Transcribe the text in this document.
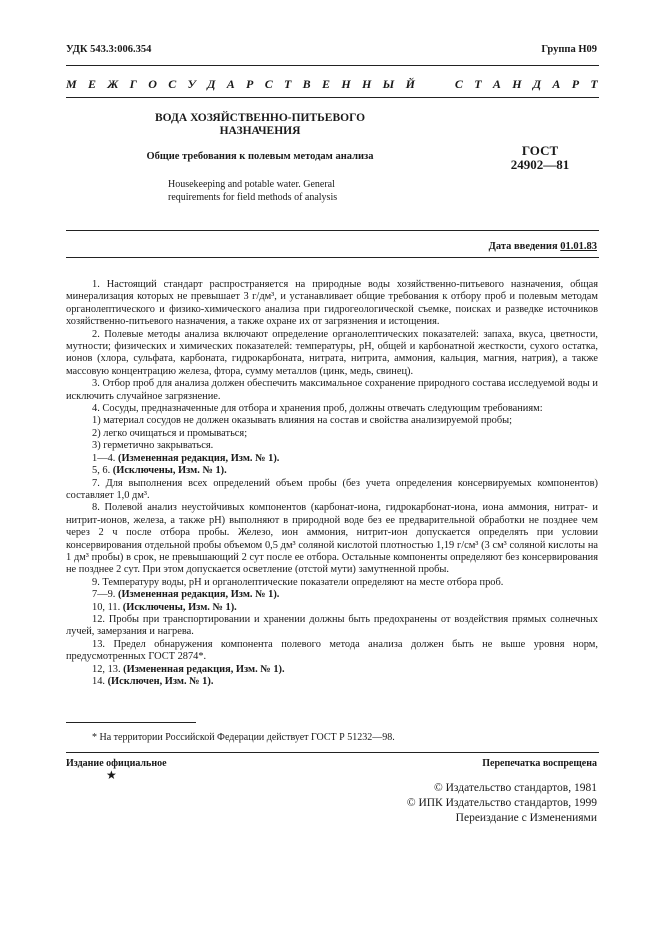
УДК 543.3:006.354	Группа Н09
М Е Ж Г О С У Д А Р С Т В Е Н Н Ы Й

	С Т А Н Д А Р Т
ВОДА ХОЗЯЙСТВЕННО-ПИТЬЕВОГО
НАЗНАЧЕНИЯ
Общие требования к полевым методам анализа
Housekeeping and potable water. General
requirements for field methods of analysis
ГОСТ
24902—81
Дата введения 01.01.83

1. Настоящий стандарт распространяется на природные воды хозяйственно-питьевого назначения, общая минерализация которых не превышает 3 г/дм³, и устанавливает общие требования к отбору проб и полевым методам органолептического и физико-химического анализа при гидрогеологической съемке, поисках и разведке источников хозяйственно-питьевого назначения, а также охране их от загрязнения и истощения.

2. Полевые методы анализа включают определение органолептических показателей: запаха, вкуса, цветности, мутности; физических и химических показателей: температуры, pH, общей и карбонатной жесткости, сухого остатка, ионов (хлора, сульфата, карбоната, гидрокарбоната, нитрата, нитрита, аммония, кальция, магния, натрия), а также массовую концентрацию железа, фтора, сумму металлов (цинк, медь, свинец).

3. Отбор проб для анализа должен обеспечить максимальное сохранение природного состава исследуемой воды и исключить случайное загрязнение.

4. Сосуды, предназначенные для отбора и хранения проб, должны отвечать следующим требованиям:

1) материал сосудов не должен оказывать влияния на состав и свойства анализируемой пробы;

2) легко очищаться и промываться;

3) герметично закрываться.

1—4. (Измененная редакция, Изм. № 1).

5, 6. (Исключены, Изм. № 1).

7. Для выполнения всех определений объем пробы (без учета определения консервируемых компонентов) составляет 1,0 дм³.

8. Полевой анализ неустойчивых компонентов (карбонат-иона, гидрокарбонат-иона, иона аммония, нитрат- и нитрит-ионов, железа, а также pH) выполняют в природной воде без ее предварительной обработки не позднее чем через 2 ч после отбора пробы. Железо, ион аммония, нитрит-ион допускается определять при условии консервирования отдельной пробы объемом 0,5 дм³ соляной кислотой плотностью 1,19 г/см³ (3 см³ соляной кислоты на 1 дм³ пробы) в срок, не превышающий 2 сут после ее отбора. Остальные компоненты определяют без консервирования не позднее 2 сут. При этом допускается осветление (отстой мути) замутненной пробы.

9. Температуру воды, pH и органолептические показатели определяют на месте отбора проб.

7—9. (Измененная редакция, Изм. № 1).

10, 11. (Исключены, Изм. № 1).

12. Пробы при транспортировании и хранении должны быть предохранены от воздействия прямых солнечных лучей, замерзания и нагрева.

13. Предел обнаружения компонента полевого метода анализа должен быть не выше уровня норм, предусмотренных ГОСТ 2874*.

12, 13. (Измененная редакция, Изм. № 1).

14. (Исключен, Изм. № 1).

* На территории Российской Федерации действует ГОСТ Р 51232—98.
Издание официальное
★
Перепечатка воспрещена
© Издательство стандартов, 1981
© ИПК Издательство стандартов, 1999
Переиздание с Изменениями
